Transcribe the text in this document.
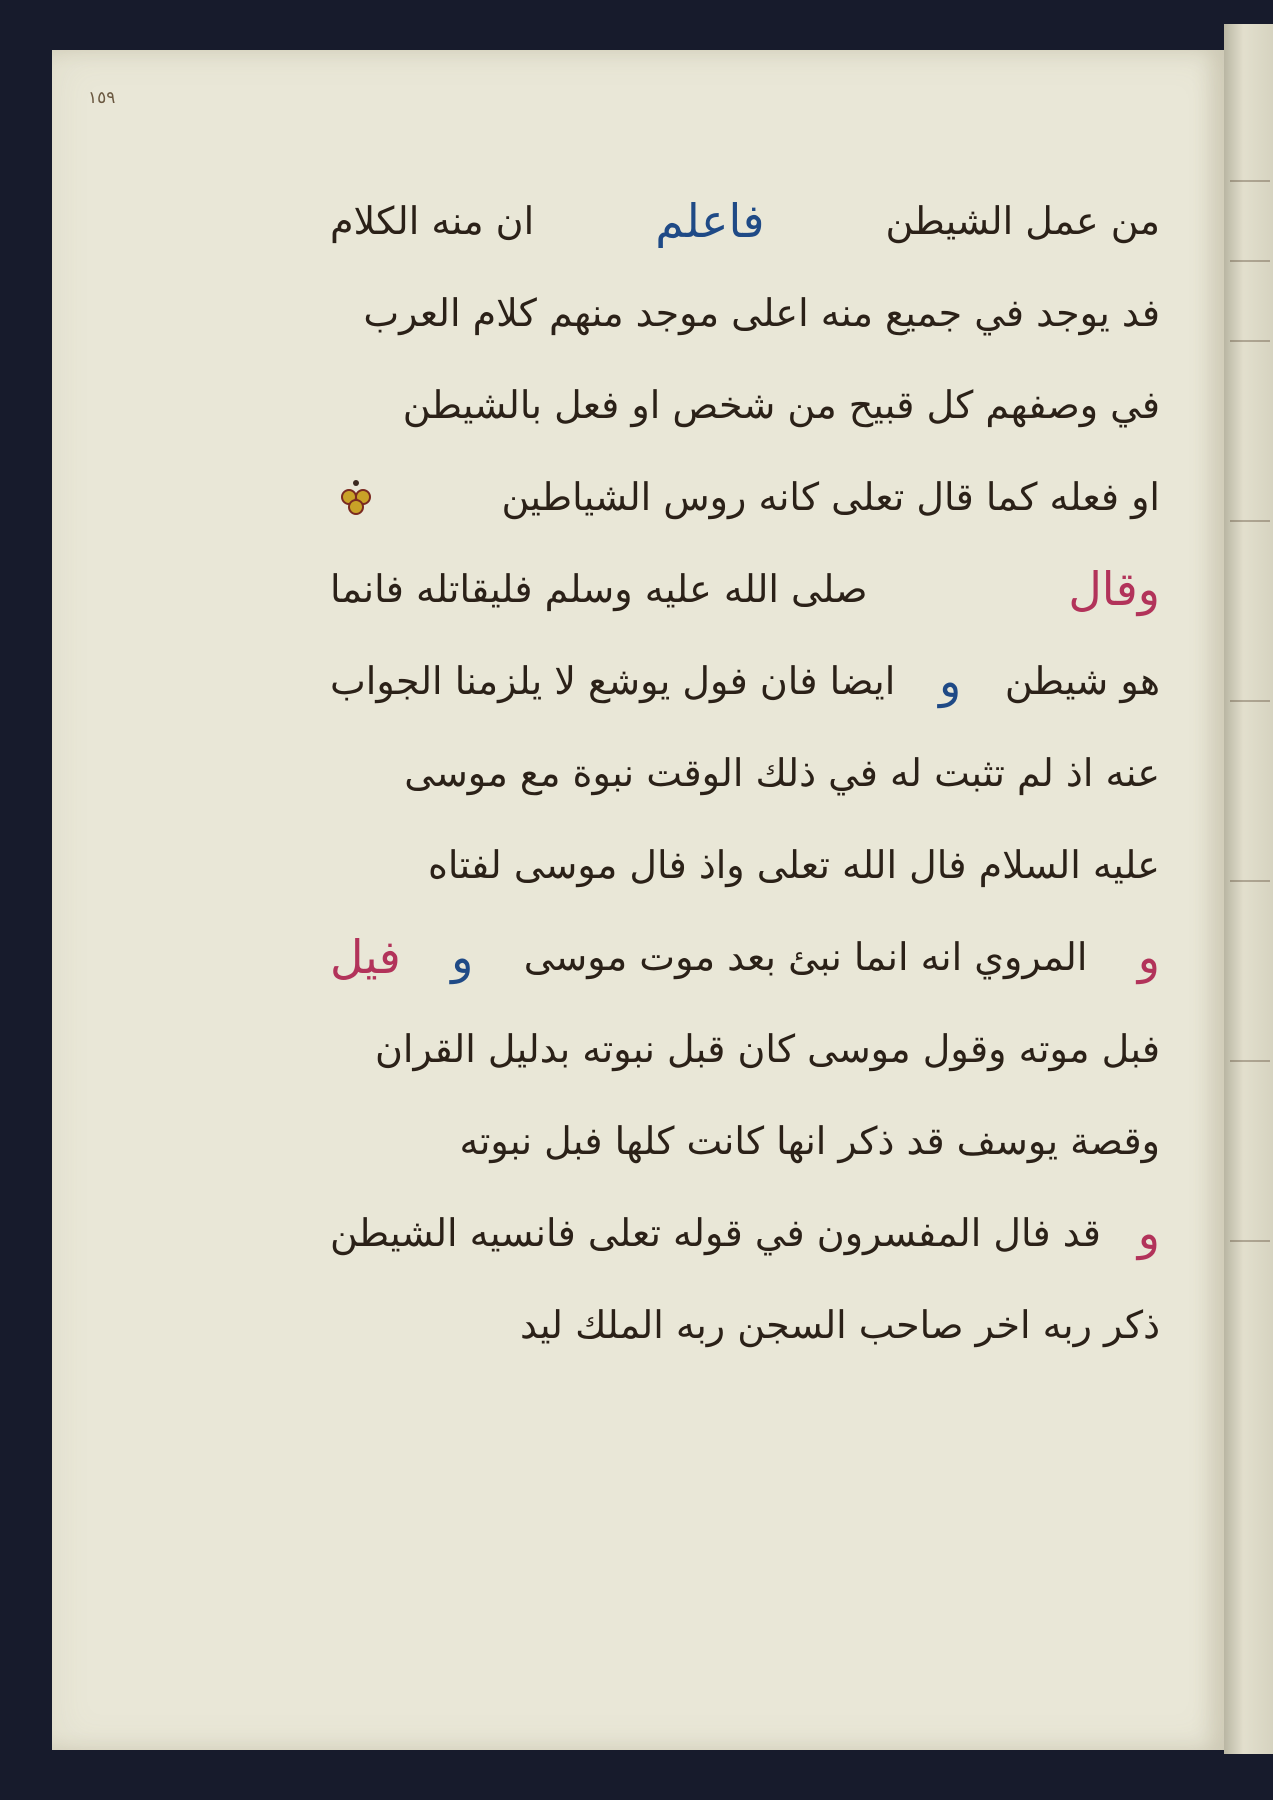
١٥٩
من عمل الشيطن
فاعلم
ان منه الكلام
فد يوجد في جميع منه اعلى موجد منهم كلام العرب
في وصفهم كل قبيح من شخص او فعل بالشيطن
او فعله كما قال تعلى كانه روس الشياطين
وقال
صلى الله عليه وسلم فليقاتله فانما
هو شيطن
و
ايضا فان فول يوشع لا يلزمنا الجواب
عنه اذ لم تثبت له في ذلك الوقت نبوة مع موسى
عليه السلام فال الله تعلى واذ فال موسى لفتاه
و
المروي انه انما نبئ بعد موت موسى
و
فيل
فبل موته وقول موسى كان قبل نبوته بدليل القران
وقصة يوسف قد ذكر انها كانت كلها فبل نبوته
و
قد فال المفسرون في قوله تعلى فانسيه الشيطن
ذكر ربه اخر صاحب السجن ربه الملك ليد
